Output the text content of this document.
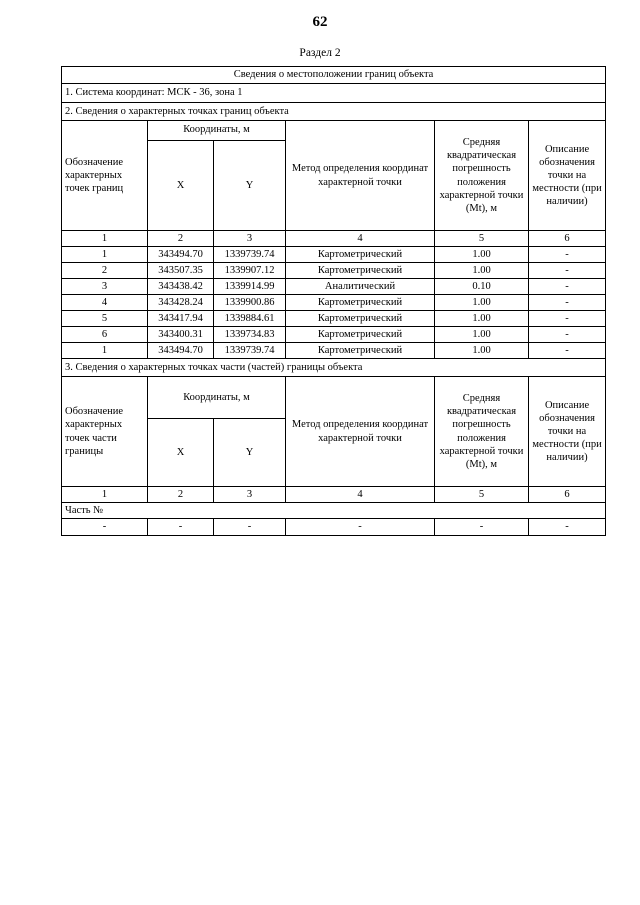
62
Раздел 2
Сведения о местоположении границ объекта					
1. Система координат: МСК - 36, зона 1					
2. Сведения о характерных точках границ объекта					
Обозначение характерных точек границ	Координаты, м		Метод определения координат характерной точки	Средняя квадратическая погрешность положения характерной точки (Mt), м	Описание обозначения точки на местности (при наличии)
	X	Y			
1	2	3	4	5	6
1	343494.70	1339739.74	Картометрический	1.00	-
2	343507.35	1339907.12	Картометрический	1.00	-
3	343438.42	1339914.99	Аналитический	0.10	-
4	343428.24	1339900.86	Картометрический	1.00	-
5	343417.94	1339884.61	Картометрический	1.00	-
6	343400.31	1339734.83	Картометрический	1.00	-
1	343494.70	1339739.74	Картометрический	1.00	-
3. Сведения о характерных точках части (частей) границы объекта					
Обозначение характерных точек части границы	Координаты, м		Метод определения координат характерной точки	Средняя квадратическая погрешность положения характерной точки (Mt), м	Описание обозначения точки на местности (при наличии)
	X	Y			
1	2	3	4	5	6
Часть №					
-	-	-	-	-	-
